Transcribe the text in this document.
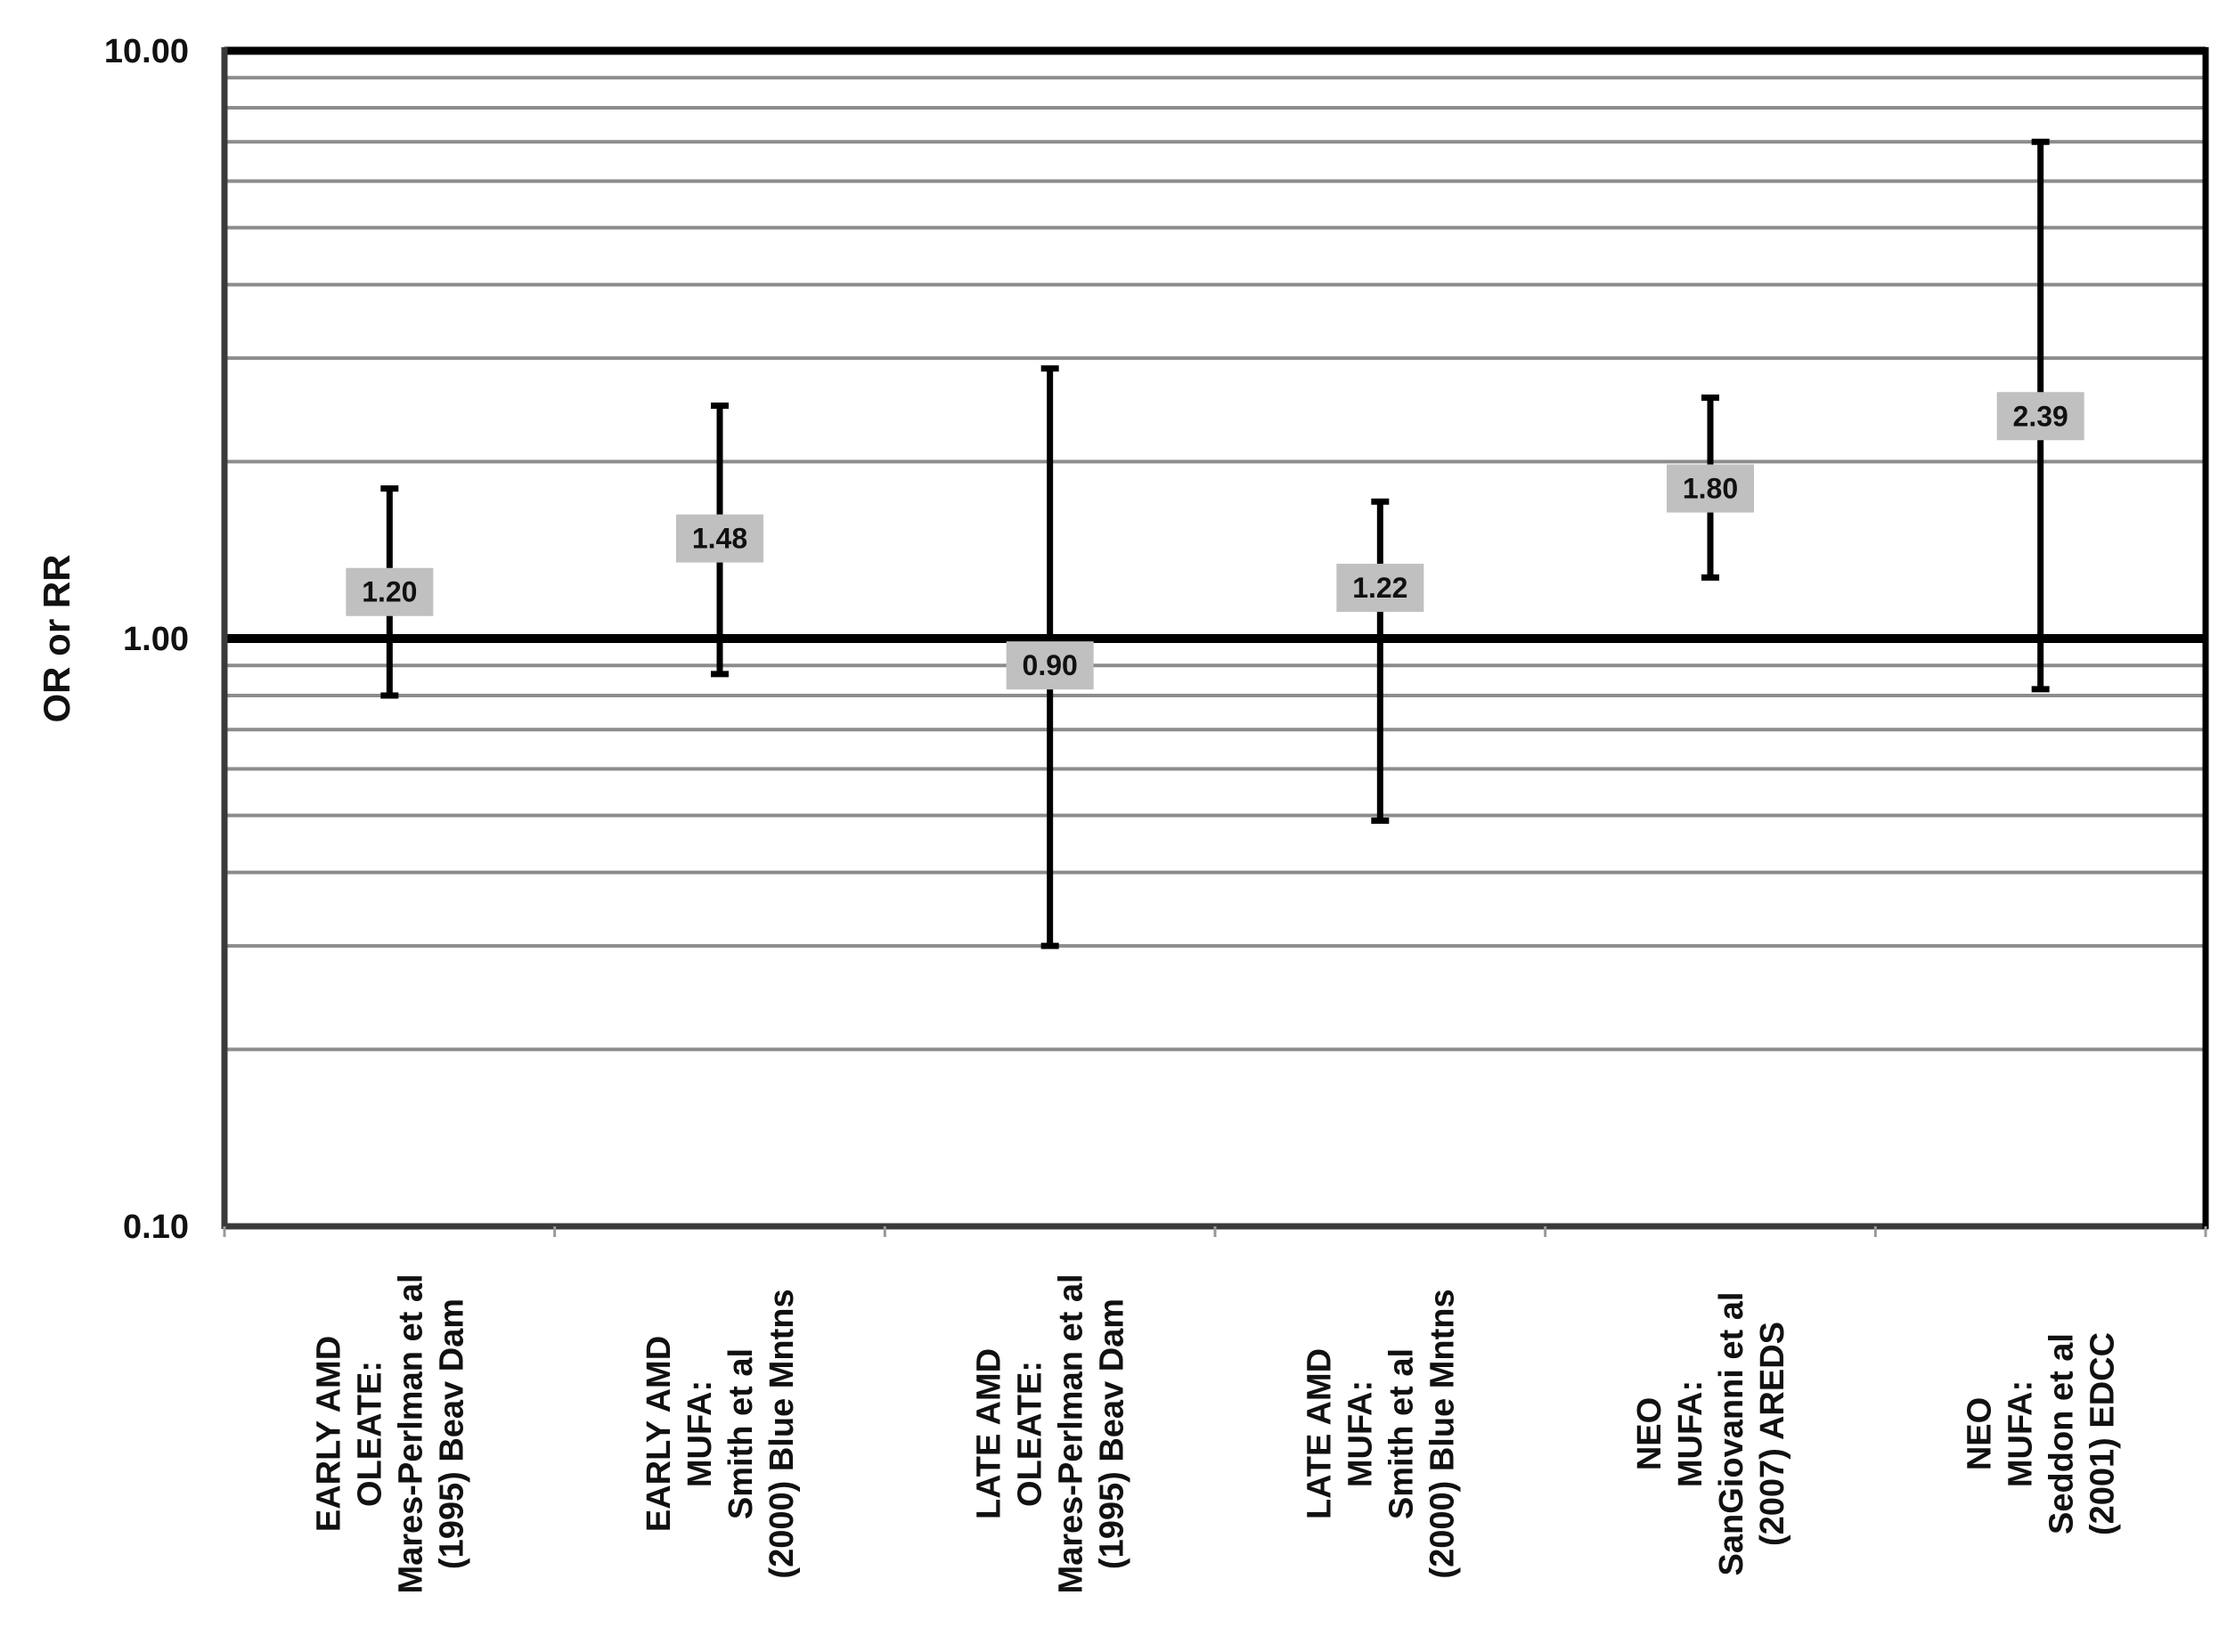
0.10
1.00
10.00
OR or RR	1.20
1.48
0.90
1.22
1.80
2.39
EARLY AMD OLEATE: Mares-Perlman et al (1995) Beav Dam	EARLY AMD MUFA: Smith et al (2000) Blue Mntns	LATE AMD OLEATE: Mares-Perlman et al (1995) Beav Dam	LATE AMD MUFA: Smith et al (2000) Blue Mntns	NEO MUFA: SanGiovanni et al (2007) AREDS	NEO MUFA: Seddon et al (2001) EDCC
